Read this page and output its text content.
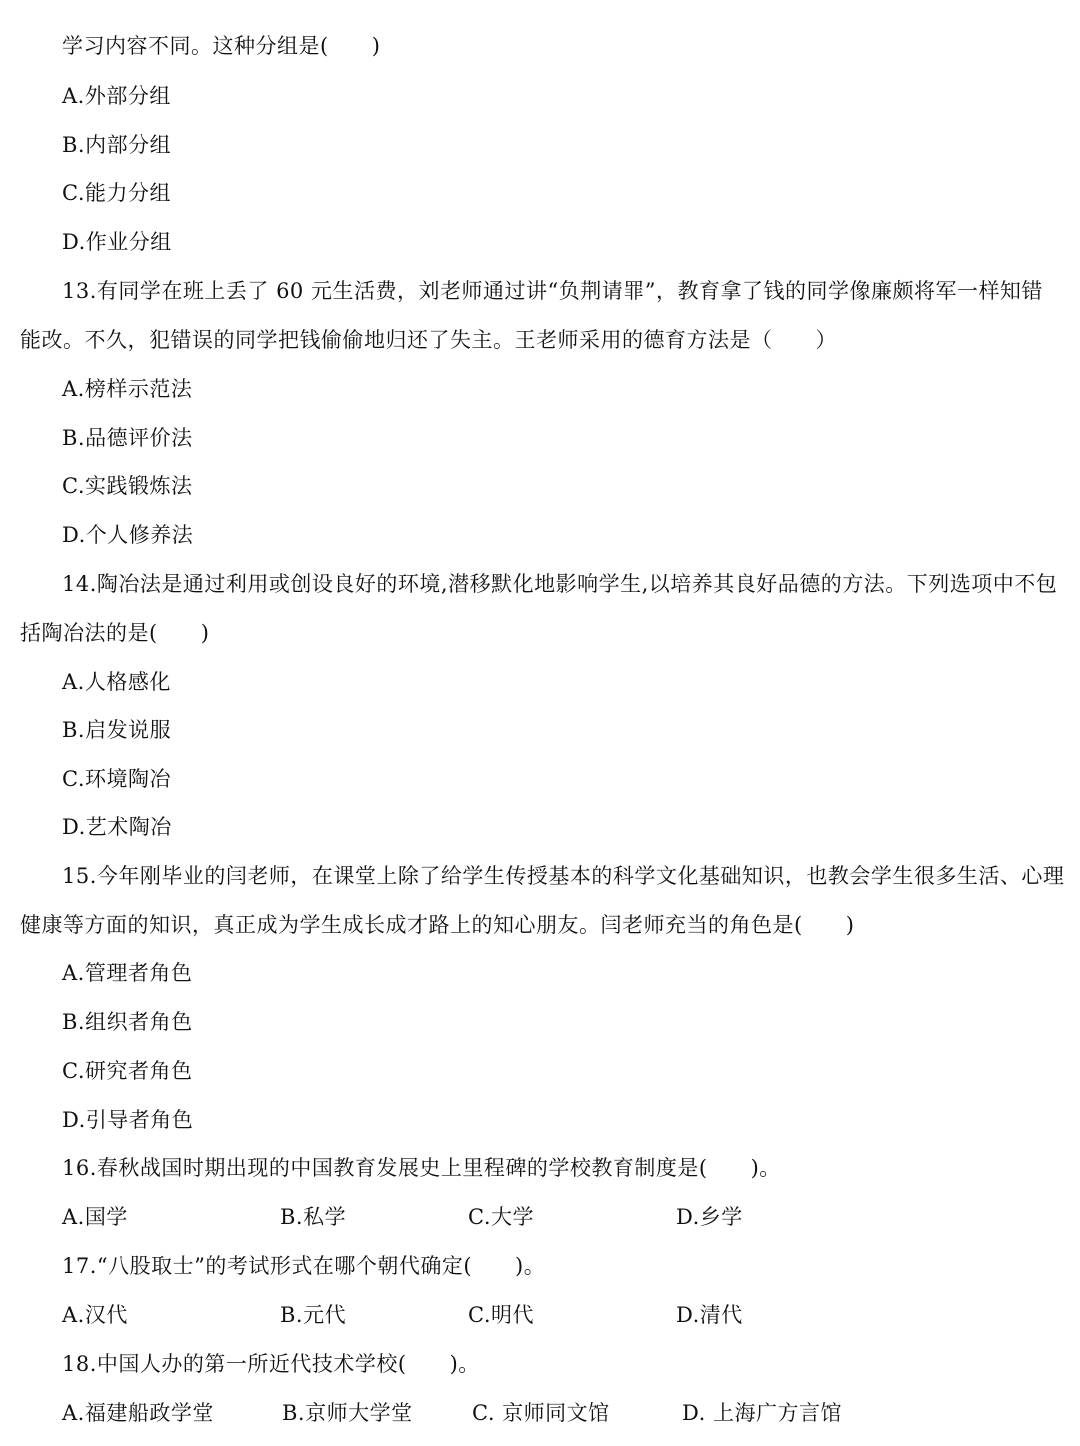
学习内容不同。这种分组是(　　)
A.外部分组
B.内部分组
C.能力分组
D.作业分组
13.有同学在班上丢了 60 元生活费，刘老师通过讲“负荆请罪”，教育拿了钱的同学像廉颇将军一样知错
能改。不久，犯错误的同学把钱偷偷地归还了失主。王老师采用的德育方法是（　　）
A.榜样示范法
B.品德评价法
C.实践锻炼法
D.个人修养法
14.陶冶法是通过利用或创设良好的环境,潜移默化地影响学生,以培养其良好品德的方法。下列选项中不包
括陶冶法的是(　　)
A.人格感化
B.启发说服
C.环境陶冶
D.艺术陶冶
15.今年刚毕业的闫老师，在课堂上除了给学生传授基本的科学文化基础知识，也教会学生很多生活、心理
健康等方面的知识，真正成为学生成长成才路上的知心朋友。闫老师充当的角色是(　　)
A.管理者角色
B.组织者角色
C.研究者角色
D.引导者角色
16.春秋战国时期出现的中国教育发展史上里程碑的学校教育制度是(　　)。
A.国学	B.私学	C.大学	D.乡学
17.“八股取士”的考试形式在哪个朝代确定(　　)。
A.汉代	B.元代	C.明代	D.清代
18.中国人办的第一所近代技术学校(　　)。
A.福建船政学堂	B.京师大学堂	C. 京师同文馆	D. 上海广方言馆
